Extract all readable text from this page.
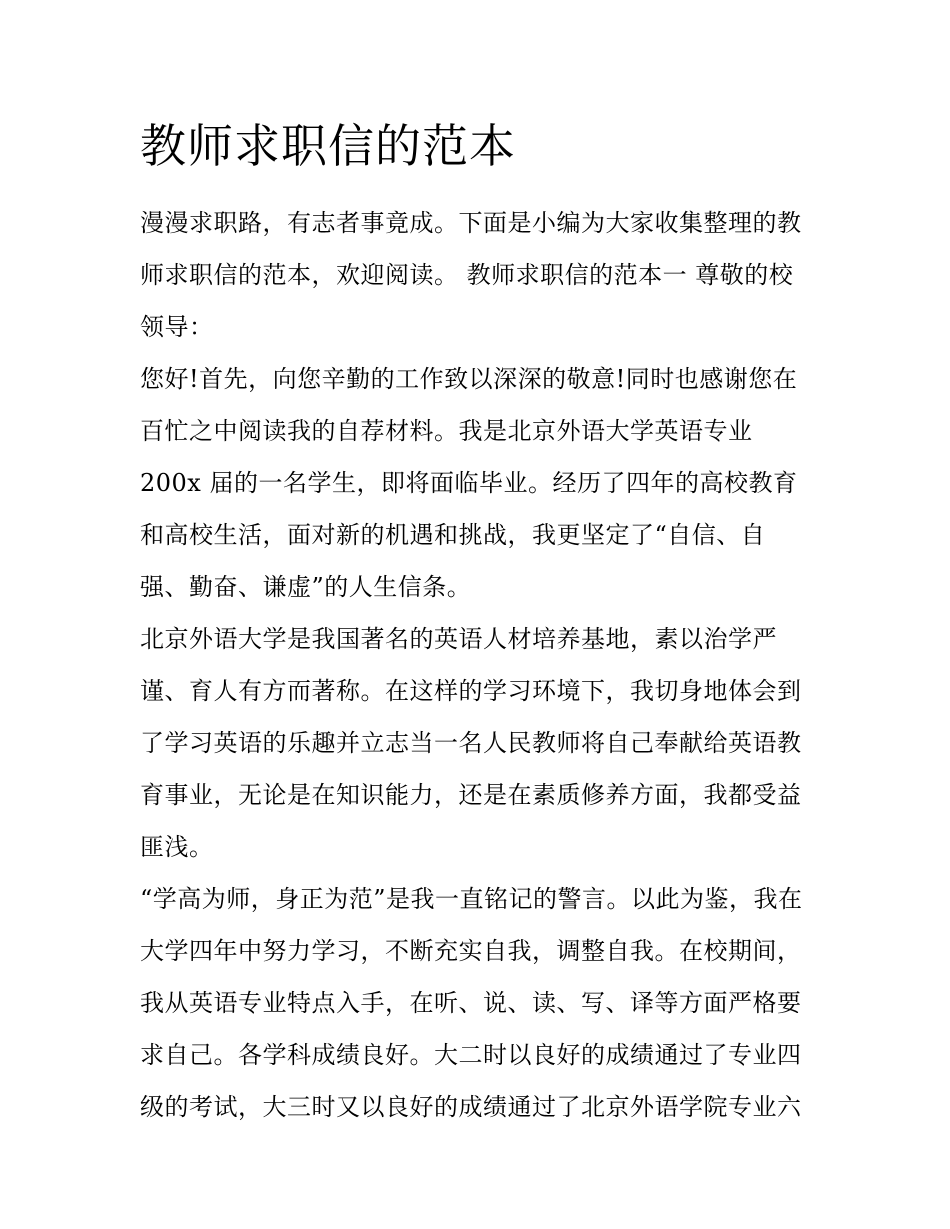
教师求职信的范本
漫漫求职路，有志者事竟成。下面是小编为大家收集整理的教
师求职信的范本，欢迎阅读。 教师求职信的范本一 尊敬的校
领导：
您好!首先，向您辛勤的工作致以深深的敬意!同时也感谢您在
百忙之中阅读我的自荐材料。我是北京外语大学英语专业
200x 届的一名学生，即将面临毕业。经历了四年的高校教育
和高校生活，面对新的机遇和挑战，我更坚定了“自信、自
强、勤奋、谦虚”的人生信条。
北京外语大学是我国著名的英语人材培养基地，素以治学严
谨、育人有方而著称。在这样的学习环境下，我切身地体会到
了学习英语的乐趣并立志当一名人民教师将自己奉献给英语教
育事业，无论是在知识能力，还是在素质修养方面，我都受益
匪浅。
“学高为师，身正为范”是我一直铭记的警言。以此为鉴，我在
大学四年中努力学习，不断充实自我，调整自我。在校期间，
我从英语专业特点入手，在听、说、读、写、译等方面严格要
求自己。各学科成绩良好。大二时以良好的成绩通过了专业四
级的考试，大三时又以良好的成绩通过了北京外语学院专业六
